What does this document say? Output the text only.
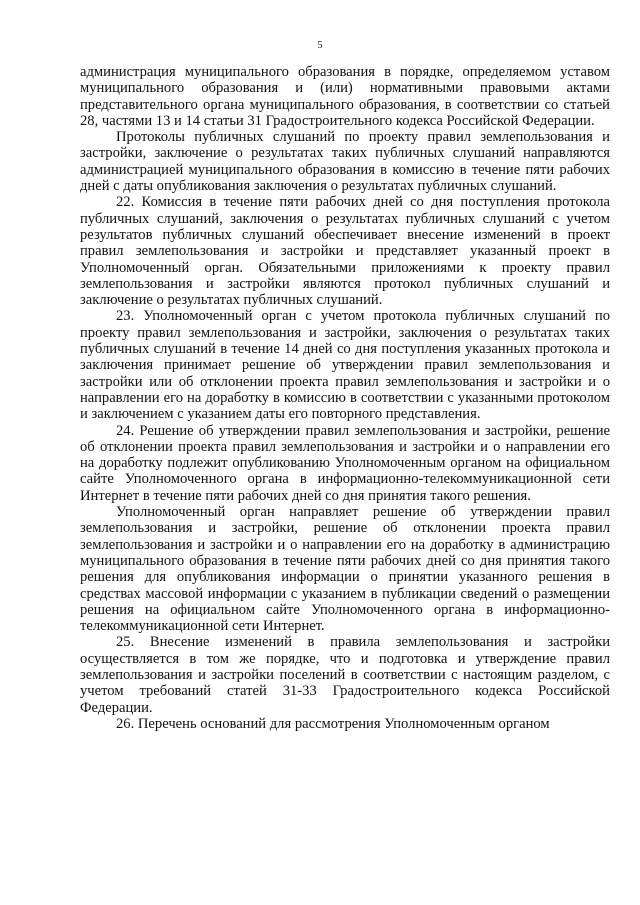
5

администрация муниципального образования в порядке, определяемом уставом муниципального образования и (или) нормативными правовыми актами представительного органа муниципального образования, в соответствии со статьей 28, частями 13 и 14 статьи 31 Градостроительного кодекса Российской Федерации.

Протоколы публичных слушаний по проекту правил землепользования и застройки, заключение о результатах таких публичных слушаний направляются администрацией муниципального образования в комиссию в течение пяти рабочих дней с даты опубликования заключения о результатах публичных слушаний.

22. Комиссия в течение пяти рабочих дней со дня поступления протокола публичных слушаний, заключения о результатах публичных слушаний с учетом результатов публичных слушаний обеспечивает внесение изменений в проект правил землепользования и застройки и представляет указанный проект в Уполномоченный орган. Обязательными приложениями к проекту правил землепользования и застройки являются протокол публичных слушаний и заключение о результатах публичных слушаний.

23. Уполномоченный орган с учетом протокола публичных слушаний по проекту правил землепользования и застройки, заключения о результатах таких публичных слушаний в течение 14 дней со дня поступления указанных протокола и заключения принимает решение об утверждении правил землепользования и застройки или об отклонении проекта правил землепользования и застройки и о направлении его на доработку в комиссию в соответствии с указанными протоколом и заключением с указанием даты его повторного представления.

24. Решение об утверждении правил землепользования и застройки, решение об отклонении проекта правил землепользования и застройки и о направлении его на доработку подлежит опубликованию Уполномоченным органом на официальном сайте Уполномоченного органа в информационно-телекоммуникационной сети Интернет в течение пяти рабочих дней со дня принятия такого решения.

Уполномоченный орган направляет решение об утверждении правил землепользования и застройки, решение об отклонении проекта правил землепользования и застройки и о направлении его на доработку в администрацию муниципального образования в течение пяти рабочих дней со дня принятия такого решения для опубликования информации о принятии указанного решения в средствах массовой информации с указанием в публикации сведений о размещении решения на официальном сайте Уполномоченного органа в информационно-телекоммуникационной сети Интернет.

25. Внесение изменений в правила землепользования и застройки осуществляется в том же порядке, что и подготовка и утверждение правил землепользования и застройки поселений в соответствии с настоящим разделом, с учетом требований статей 31-33 Градостроительного кодекса Российской Федерации.

26. Перечень оснований для рассмотрения Уполномоченным органом
